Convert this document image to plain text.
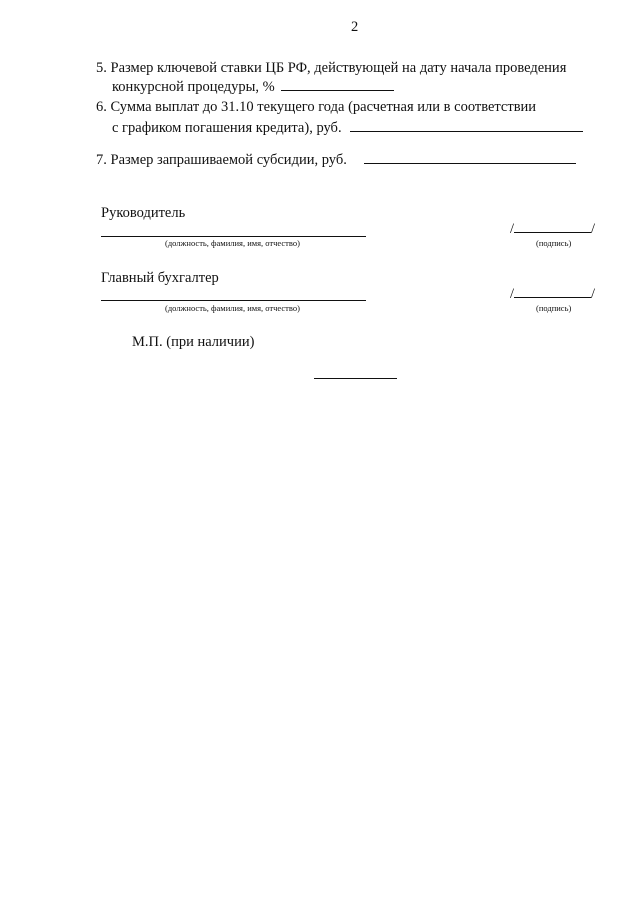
2
5. Размер ключевой ставки ЦБ РФ, действующей на дату начала проведения
конкурсной процедуры, %
6. Сумма выплат до 31.10 текущего года (расчетная или в соответствии
с графиком погашения кредита), руб.
7. Размер запрашиваемой субсидии, руб.
Руководитель
(должность, фамилия, имя, отчество)
/	/
(подпись)
Главный бухгалтер
(должность, фамилия, имя, отчество)
/	/
(подпись)
М.П. (при наличии)
